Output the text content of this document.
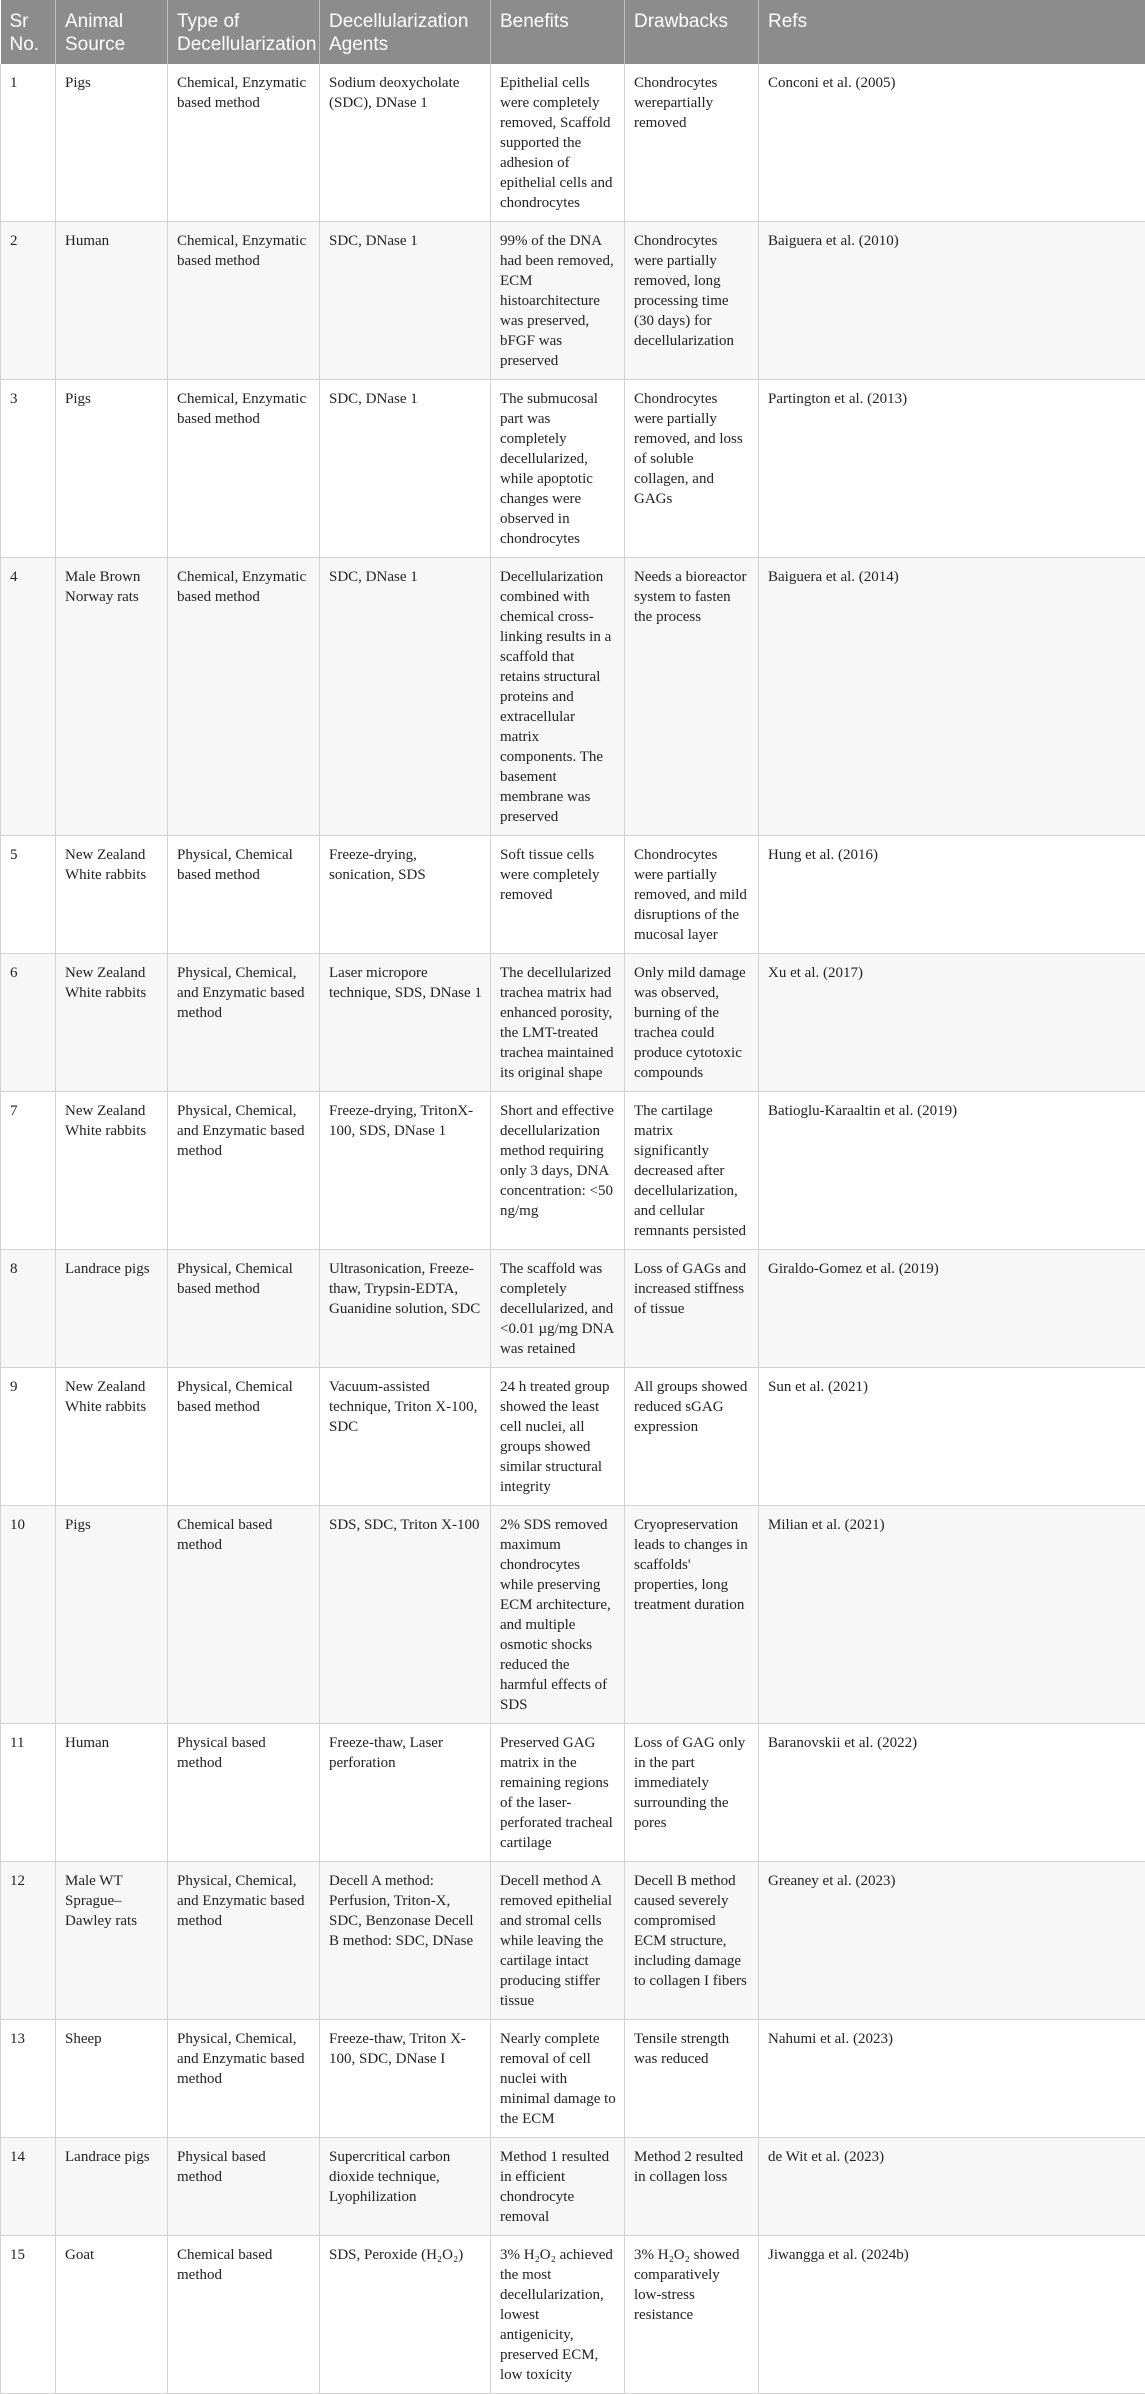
Sr No.	Animal Source	Type of Decellularization	Decellularization Agents	Benefits	Drawbacks	Refs
1	Pigs	Chemical, Enzymatic based method	Sodium deoxycholate (SDC), DNase 1	Epithelial cells were completely removed, Scaffold supported the adhesion of epithelial cells and chondrocytes	Chondrocytes werepartially removed	Conconi et al. (2005)
2	Human	Chemical, Enzymatic based method	SDC, DNase 1	99% of the DNA had been removed, ECM histoarchitecture was preserved, bFGF was preserved	Chondrocytes were partially removed, long processing time (30 days) for decellularization	Baiguera et al. (2010)
3	Pigs	Chemical, Enzymatic based method	SDC, DNase 1	The submucosal part was completely decellularized, while apoptotic changes were observed in chondrocytes	Chondrocytes were partially removed, and loss of soluble collagen, and GAGs	Partington et al. (2013)
4	Male Brown Norway rats	Chemical, Enzymatic based method	SDC, DNase 1	Decellularization combined with chemical cross-linking results in a scaffold that retains structural proteins and extracellular matrix components. The basement membrane was preserved	Needs a bioreactor system to fasten the process	Baiguera et al. (2014)
5	New Zealand White rabbits	Physical, Chemical based method	Freeze-drying, sonication, SDS	Soft tissue cells were completely removed	Chondrocytes were partially removed, and mild disruptions of the mucosal layer	Hung et al. (2016)
6	New Zealand White rabbits	Physical, Chemical, and Enzymatic based method	Laser micropore technique, SDS, DNase 1	The decellularized trachea matrix had enhanced porosity, the LMT-treated trachea maintained its original shape	Only mild damage was observed, burning of the trachea could produce cytotoxic compounds	Xu et al. (2017)
7	New Zealand White rabbits	Physical, Chemical, and Enzymatic based method	Freeze-drying, TritonX-100, SDS, DNase 1	Short and effective decellularization method requiring only 3 days, DNA concentration: <50 ng/mg	The cartilage matrix significantly decreased after decellularization, and cellular remnants persisted	Batioglu-Karaaltin et al. (2019)
8	Landrace pigs	Physical, Chemical based method	Ultrasonication, Freeze-thaw, Trypsin-EDTA, Guanidine solution, SDC	The scaffold was completely decellularized, and <0.01 µg/mg DNA was retained	Loss of GAGs and increased stiffness of tissue	Giraldo-Gomez et al. (2019)
9	New Zealand White rabbits	Physical, Chemical based method	Vacuum-assisted technique, Triton X-100, SDC	24 h treated group showed the least cell nuclei, all groups showed similar structural integrity	All groups showed reduced sGAG expression	Sun et al. (2021)
10	Pigs	Chemical based method	SDS, SDC, Triton X-100	2% SDS removed maximum chondrocytes while preserving ECM architecture, and multiple osmotic shocks reduced the harmful effects of SDS	Cryopreservation leads to changes in scaffolds' properties, long treatment duration	Milian et al. (2021)
11	Human	Physical based method	Freeze-thaw, Laser perforation	Preserved GAG matrix in the remaining regions of the laser-perforated tracheal cartilage	Loss of GAG only in the part immediately surrounding the pores	Baranovskii et al. (2022)
12	Male WT Sprague–Dawley rats	Physical, Chemical, and Enzymatic based method	Decell A method: Perfusion, Triton-X, SDC, Benzonase Decell B method: SDC, DNase	Decell method A removed epithelial and stromal cells while leaving the cartilage intact producing stiffer tissue	Decell B method caused severely compromised ECM structure, including damage to collagen I fibers	Greaney et al. (2023)
13	Sheep	Physical, Chemical, and Enzymatic based method	Freeze-thaw, Triton X-100, SDC, DNase I	Nearly complete removal of cell nuclei with minimal damage to the ECM	Tensile strength was reduced	Nahumi et al. (2023)
14	Landrace pigs	Physical based method	Supercritical carbon dioxide technique, Lyophilization	Method 1 resulted in efficient chondrocyte removal	Method 2 resulted in collagen loss	de Wit et al. (2023)
15	Goat	Chemical based method	SDS, Peroxide (H₂O₂)	3% H₂O₂ achieved the most decellularization, lowest antigenicity, preserved ECM, low toxicity	3% H₂O₂ showed comparatively low-stress resistance	Jiwangga et al. (2024b)
